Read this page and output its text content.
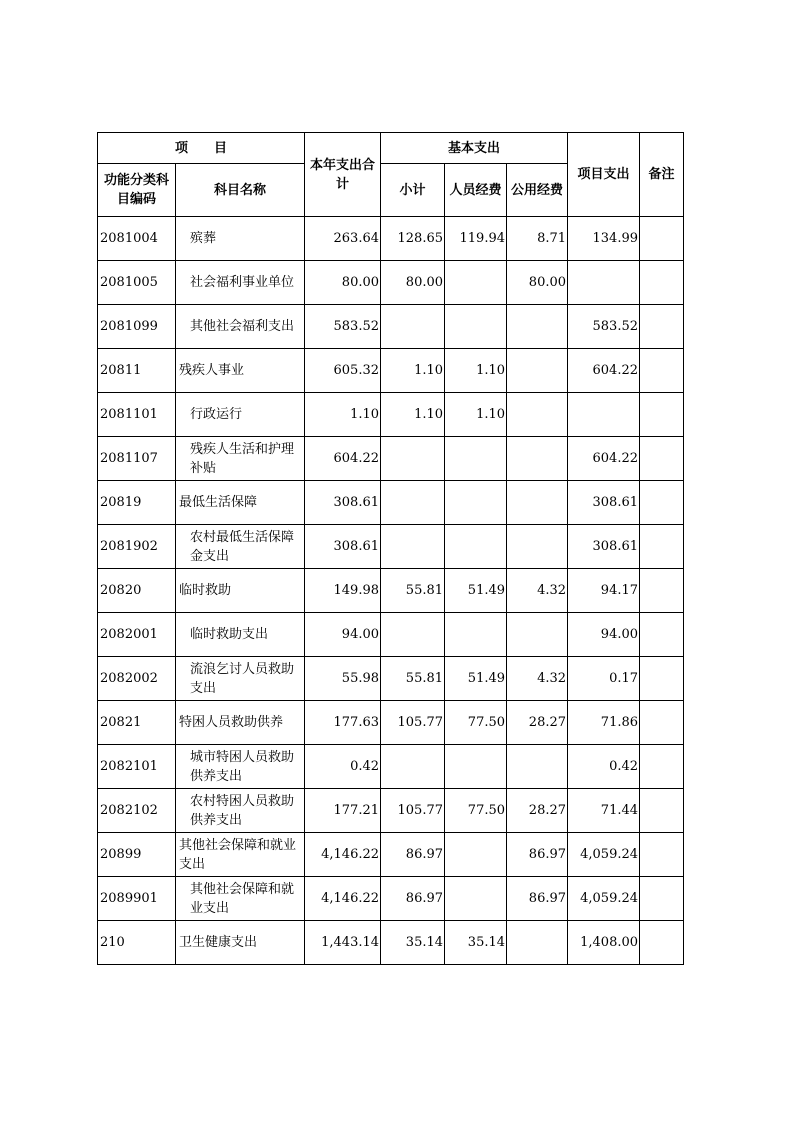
项　　目		本年支出合计	基本支出			项目支出	备注
功能分类科目编码	科目名称		小计	人员经费	公用经费		
2081004	殡葬	263.64	128.65	119.94	8.71	134.99	
2081005	社会福利事业单位	80.00	80.00		80.00		
2081099	其他社会福利支出	583.52				583.52	
20811	残疾人事业	605.32	1.10	1.10		604.22	
2081101	行政运行	1.10	1.10	1.10			
2081107	残疾人生活和护理补贴	604.22				604.22	
20819	最低生活保障	308.61				308.61	
2081902	农村最低生活保障金支出	308.61				308.61	
20820	临时救助	149.98	55.81	51.49	4.32	94.17	
2082001	临时救助支出	94.00				94.00	
2082002	流浪乞讨人员救助支出	55.98	55.81	51.49	4.32	0.17	
20821	特困人员救助供养	177.63	105.77	77.50	28.27	71.86	
2082101	城市特困人员救助供养支出	0.42				0.42	
2082102	农村特困人员救助供养支出	177.21	105.77	77.50	28.27	71.44	
20899	其他社会保障和就业支出	4,146.22	86.97		86.97	4,059.24	
2089901	其他社会保障和就业支出	4,146.22	86.97		86.97	4,059.24	
210	卫生健康支出	1,443.14	35.14	35.14		1,408.00	
